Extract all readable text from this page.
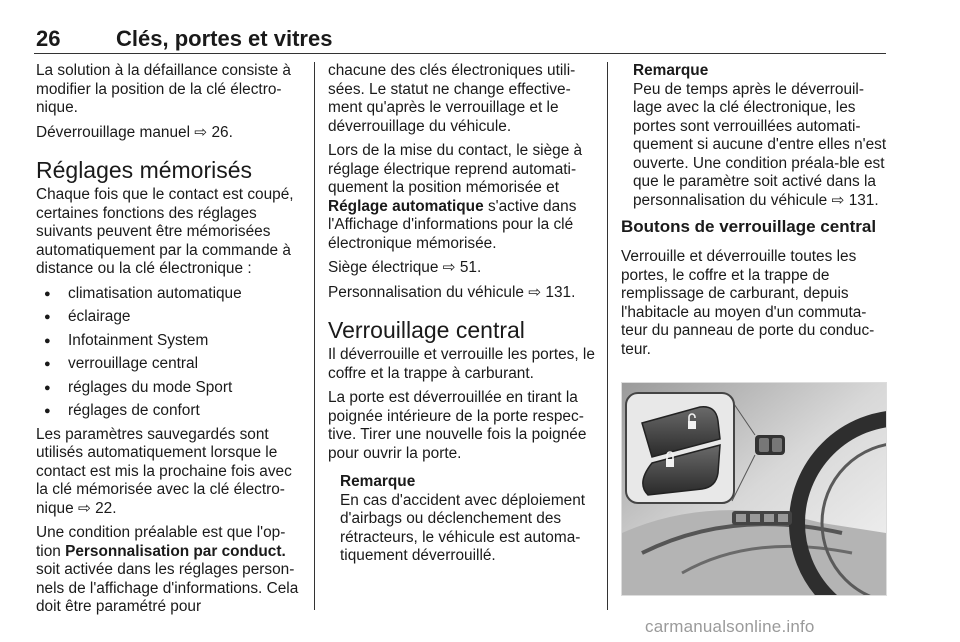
26	Clés, portes et vitres

La solution à la défaillance consiste à modifier la position de la clé électro-nique.

Déverrouillage manuel ⇨ 26.

Réglages mémorisés

Chaque fois que le contact est coupé, certaines fonctions des réglages suivants peuvent être mémorisées automatiquement par la commande à distance ou la clé électronique :

● climatisation automatique
● éclairage
● Infotainment System
● verrouillage central
● réglages du mode Sport
● réglages de confort

Les paramètres sauvegardés sont utilisés automatiquement lorsque le contact est mis la prochaine fois avec la clé mémorisée avec la clé électro-nique ⇨ 22.

Une condition préalable est que l'op-tion Personnalisation par conduct. soit activée dans les réglages person-nels de l'affichage d'informations. Cela doit être paramétré pour

chacune des clés électroniques utili-sées. Le statut ne change effective-ment qu'après le verrouillage et le déverrouillage du véhicule.

Lors de la mise du contact, le siège à réglage électrique reprend automati-quement la position mémorisée et Réglage automatique s'active dans l'Affichage d'informations pour la clé électronique mémorisée.

Siège électrique ⇨ 51.

Personnalisation du véhicule ⇨ 131.

Verrouillage central

Il déverrouille et verrouille les portes, le coffre et la trappe à carburant.

La porte est déverrouillée en tirant la poignée intérieure de la porte respec-tive. Tirer une nouvelle fois la poignée pour ouvrir la porte.

Remarque
En cas d'accident avec déploiement d'airbags ou déclenchement des rétracteurs, le véhicule est automa-tiquement déverrouillé.
Remarque
Peu de temps après le déverrouil-lage avec la clé électronique, les portes sont verrouillées automati-quement si aucune d'entre elles n'est ouverte. Une condition préala-ble est que le paramètre soit activé dans la personnalisation du véhicule ⇨ 131.
Boutons de verrouillage central

Verrouille et déverrouille toutes les portes, le coffre et la trappe de remplissage de carburant, depuis l'habitacle au moyen d'un commuta-teur du panneau de porte du conduc-teur.

carmanualsonline.info
